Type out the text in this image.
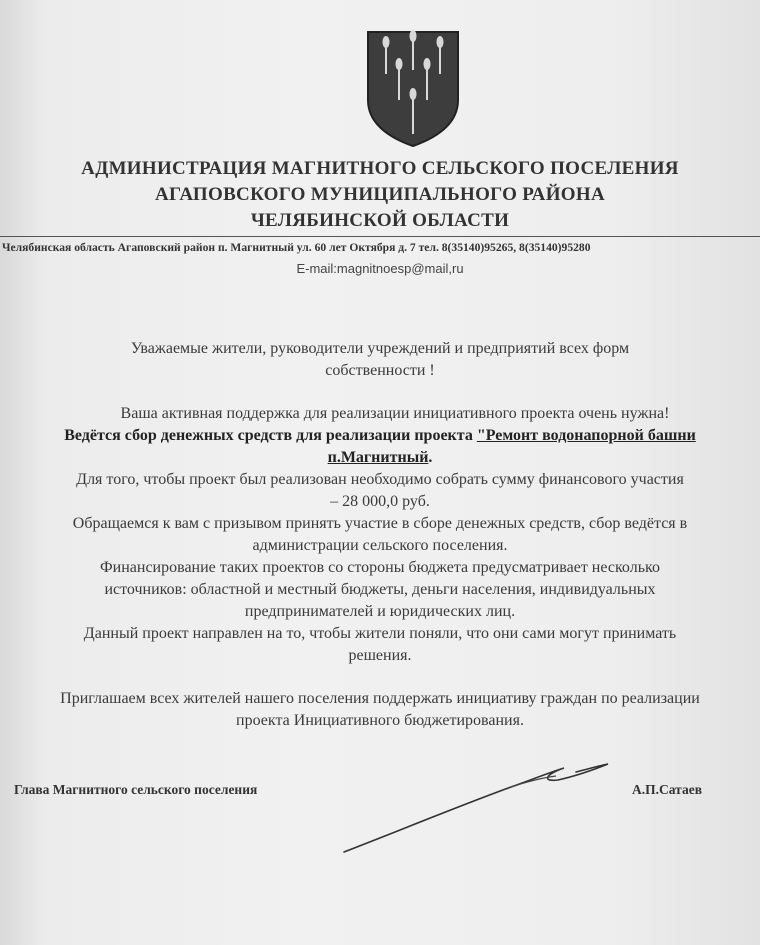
АДМИНИСТРАЦИЯ МАГНИТНОГО СЕЛЬСКОГО ПОСЕЛЕНИЯ
АГАПОВСКОГО МУНИЦИПАЛЬНОГО РАЙОНА
ЧЕЛЯБИНСКОЙ ОБЛАСТИ
Челябинская область Агаповский район п. Магнитный ул. 60 лет Октября д. 7 тел. 8(35140)95265, 8(35140)95280
E-mail:magnitnoesp@mail,ru
Уважаемые жители, руководители учреждений и предприятий всех форм
собственности !
Ваша активная поддержка для реализации инициативного проекта очень нужна!
Ведётся сбор денежных средств для реализации проекта "Ремонт водонапорной башни
п.Магнитный.
Для того, чтобы проект был реализован необходимо собрать сумму финансового участия
– 28 000,0 руб.
Обращаемся к вам с призывом принять участие в сборе денежных средств, сбор ведётся в
администрации сельского поселения.
Финансирование таких проектов со стороны бюджета предусматривает несколько
источников: областной и местный бюджеты, деньги населения, индивидуальных
предпринимателей и юридических лиц.
Данный проект направлен на то, чтобы жители поняли, что они сами могут принимать
решения.
Приглашаем всех жителей нашего поселения поддержать инициативу граждан по реализации
проекта Инициативного бюджетирования.
Глава Магнитного сельского поселения	А.П.Сатаев
